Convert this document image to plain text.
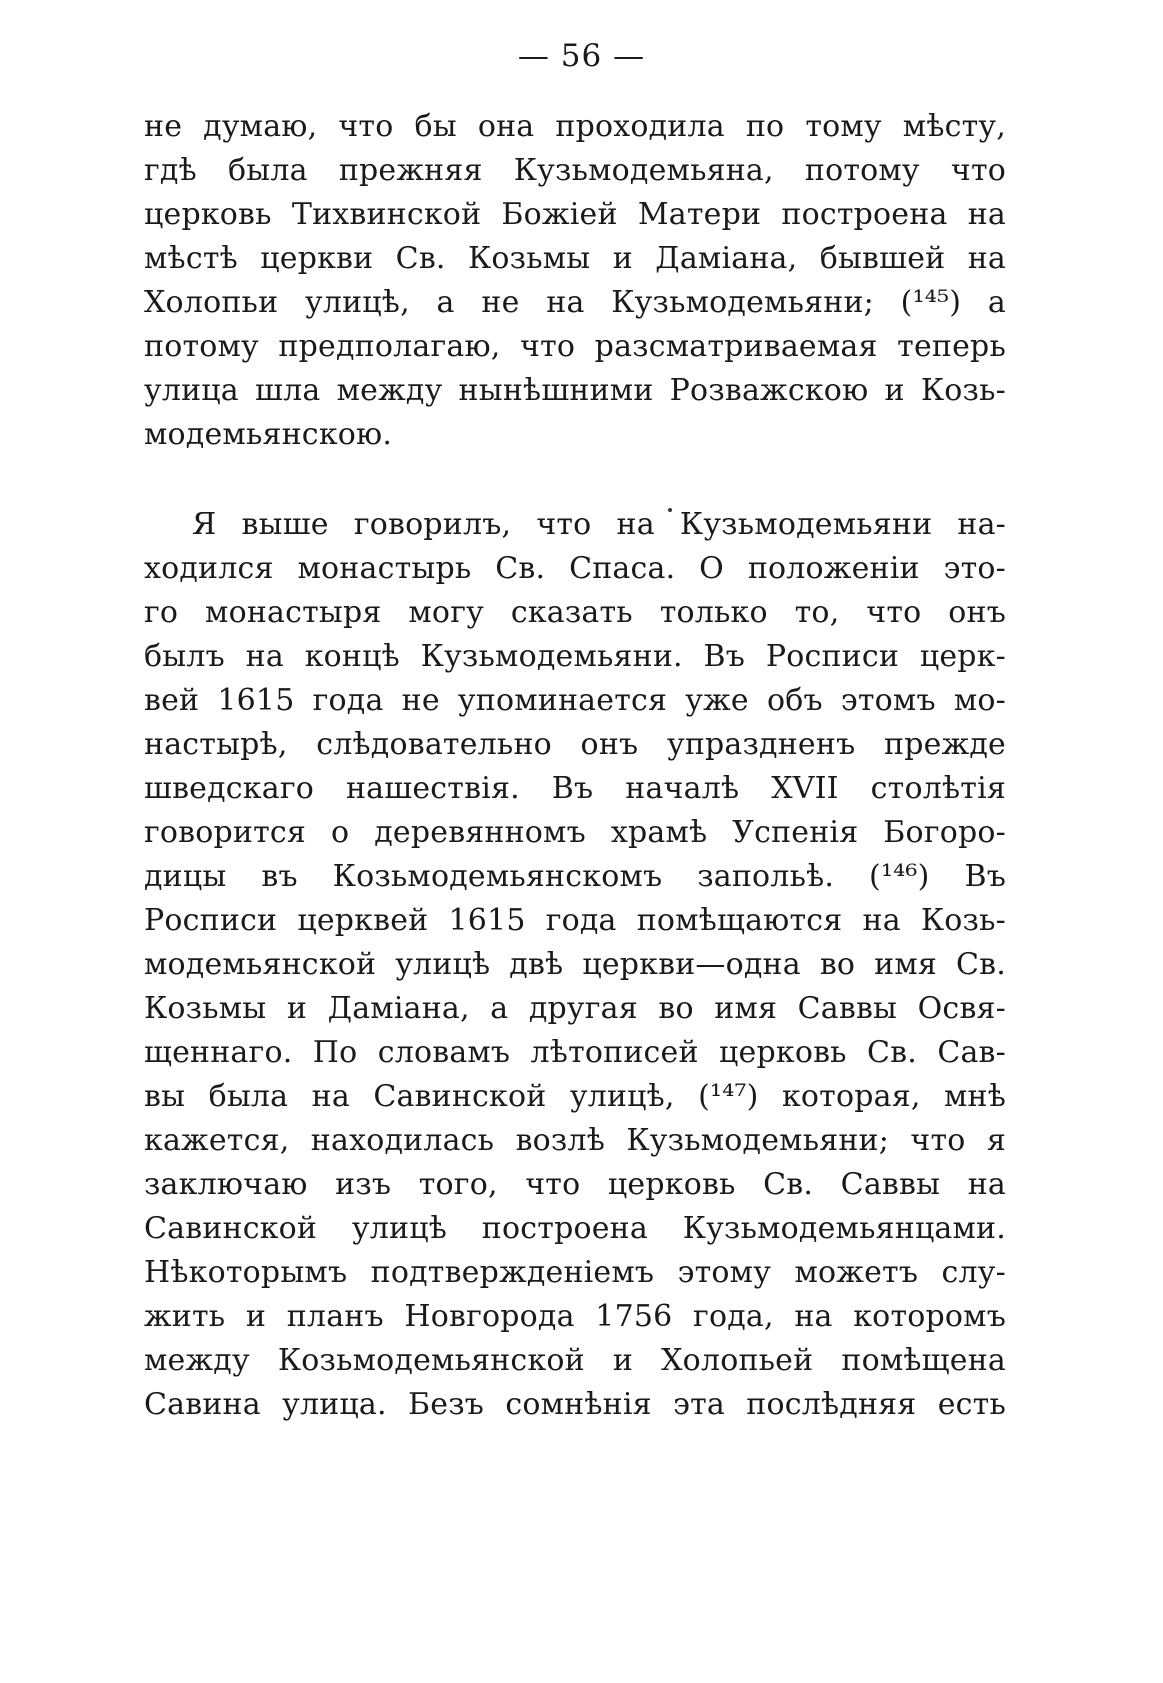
— 56 —
не думаю, что бы она проходила по тому мѣсту,
гдѣ была прежняя Кузьмодемьяна, потому что
церковь Тихвинской Божіей Матери построена на
мѣстѣ церкви Св. Козьмы и Даміана, бывшей на
Холопьи улицѣ, а не на Кузьмодемьяни; (¹⁴⁵) а
потому предполагаю, что разсматриваемая теперь
улица шла между нынѣшними Розважскою и Козь-
модемьянскою.
Я выше говорилъ, что на Кузьмодемьяни на-
ходился монастырь Св. Спаса. О положеніи это-
го монастыря могу сказать только то, что онъ
былъ на концѣ Кузьмодемьяни. Въ Росписи церк-
вей 1615 года не упоминается уже объ этомъ мо-
настырѣ, слѣдовательно онъ упраздненъ прежде
шведскаго нашествія. Въ началѣ XVII столѣтія
говорится о деревянномъ храмѣ Успенія Богоро-
дицы въ Козьмодемьянскомъ запольѣ. (¹⁴⁶) Въ
Росписи церквей 1615 года помѣщаются на Козь-
модемьянской улицѣ двѣ церкви—одна во имя Св.
Козьмы и Даміана, а другая во имя Саввы Освя-
щеннаго. По словамъ лѣтописей церковь Св. Сав-
вы была на Савинской улицѣ, (¹⁴⁷) которая, мнѣ
кажется, находилась возлѣ Кузьмодемьяни; что я
заключаю изъ того, что церковь Св. Саввы на
Савинской улицѣ построена Кузьмодемьянцами.
Нѣкоторымъ подтвержденіемъ этому можетъ слу-
жить и планъ Новгорода 1756 года, на которомъ
между Козьмодемьянской и Холопьей помѣщена
Савина улица. Безъ сомнѣнія эта послѣдняя есть
